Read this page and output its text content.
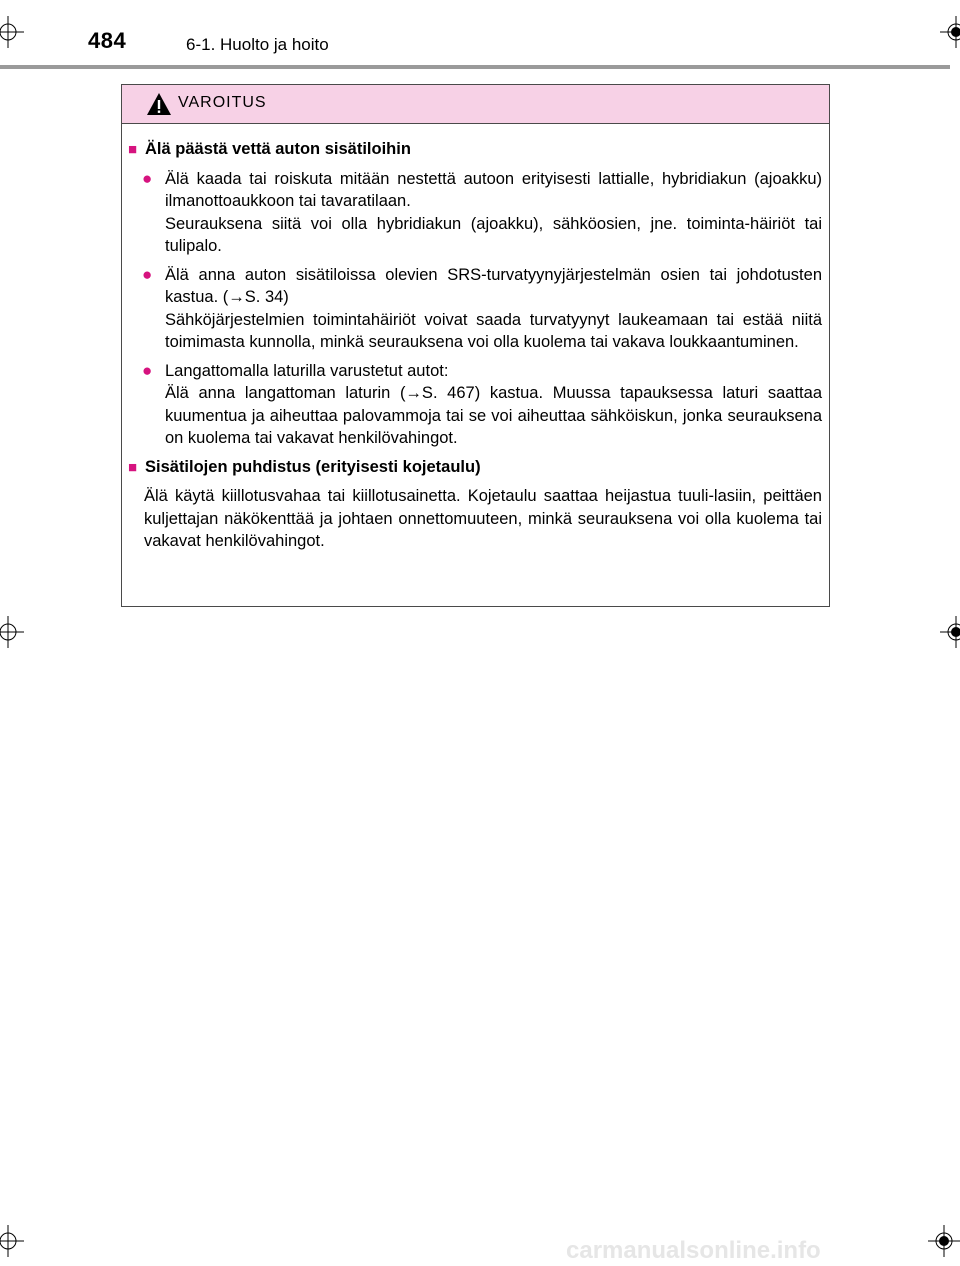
484	6-1. Huolto ja hoito
VAROITUS
■ Älä päästä vettä auton sisätiloihin
● Älä kaada tai roiskuta mitään nestettä autoon erityisesti lattialle, hybridiakun (ajoakku) ilmanottoaukkoon tai tavaratilaan.

Seurauksena siitä voi olla hybridiakun (ajoakku), sähköosien, jne. toiminta-häiriöt tai tulipalo.

● Älä anna auton sisätiloissa olevien SRS-turvatyynyjärjestelmän osien tai johdotusten kastua. (→S. 34)

Sähköjärjestelmien toimintahäiriöt voivat saada turvatyynyt laukeamaan tai estää niitä toimimasta kunnolla, minkä seurauksena voi olla kuolema tai vakava loukkaantuminen.

● Langattomalla laturilla varustetut autot:

Älä anna langattoman laturin (→S. 467) kastua. Muussa tapauksessa laturi saattaa kuumentua ja aiheuttaa palovammoja tai se voi aiheuttaa sähköiskun, jonka seurauksena on kuolema tai vakavat henkilövahingot.

■ Sisätilojen puhdistus (erityisesti kojetaulu)

Älä käytä kiillotusvahaa tai kiillotusainetta. Kojetaulu saattaa heijastua tuuli-lasiin, peittäen kuljettajan näkökenttää ja johtaen onnettomuuteen, minkä seurauksena voi olla kuolema tai vakavat henkilövahingot.

carmanualsonline.info
